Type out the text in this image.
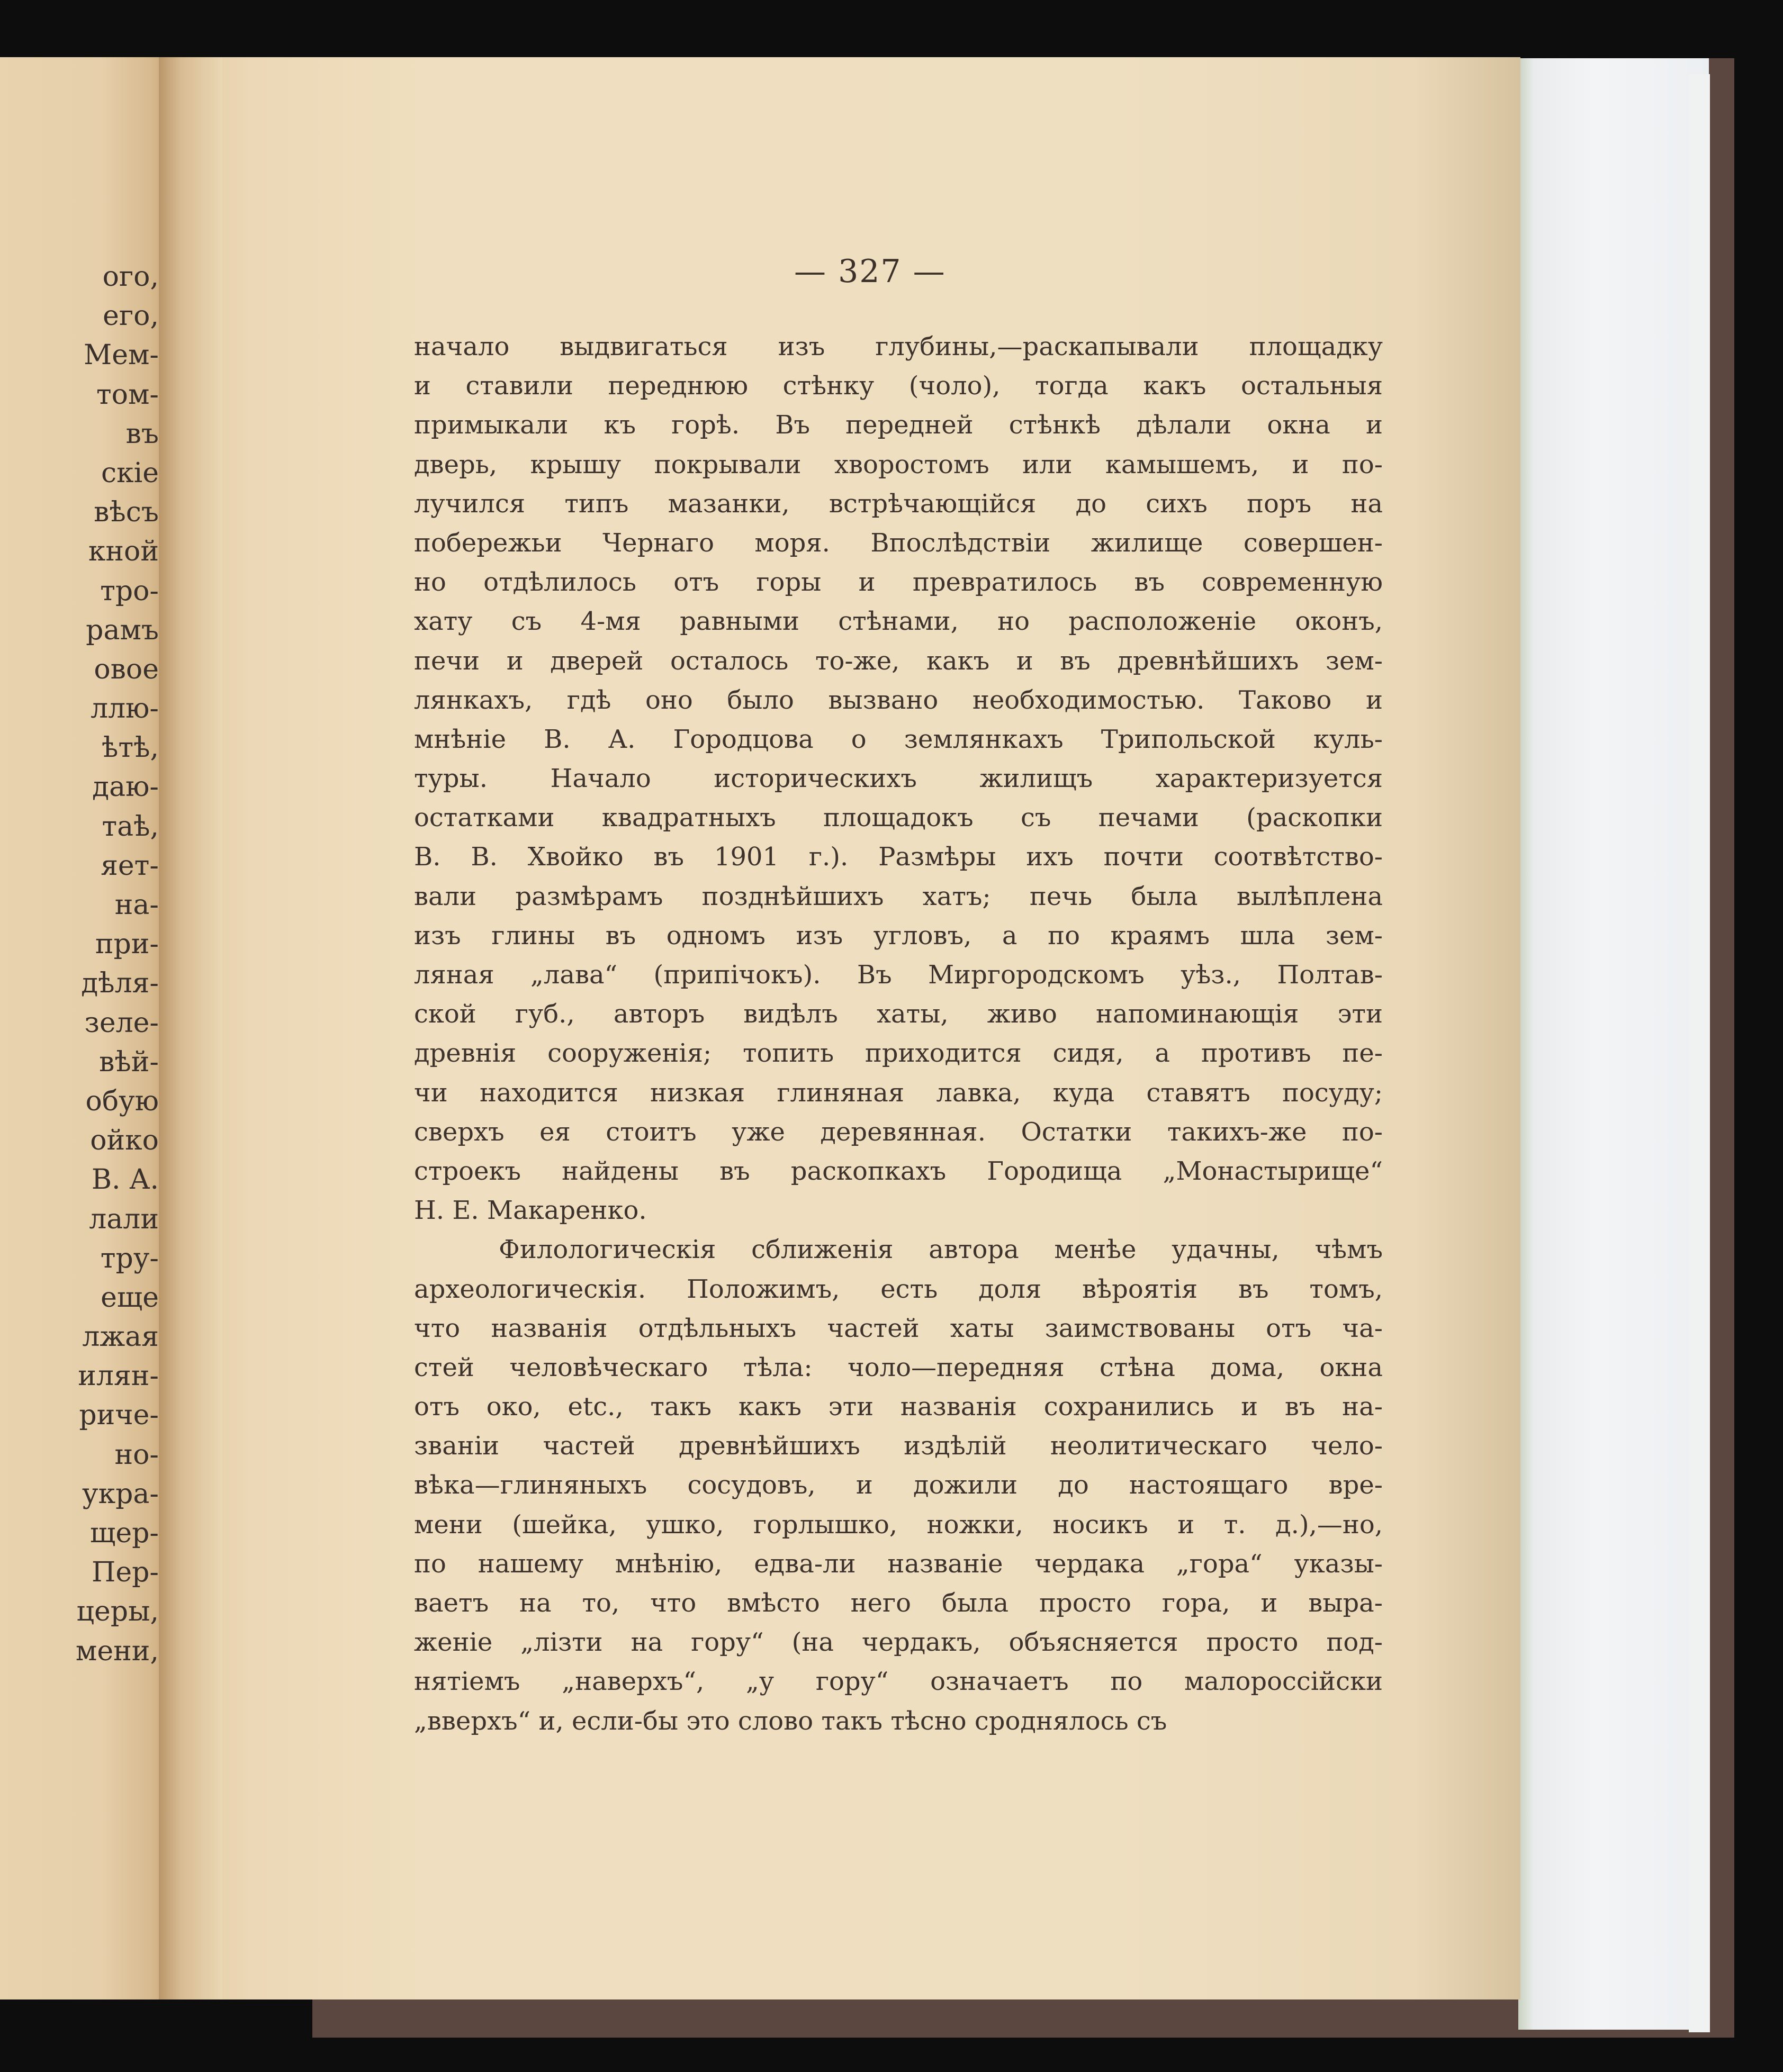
ого,
его,
Мем-
том-
въ
скіе
вѣсъ
кной
тро-
рамъ
овое
ллю-
ѣтѣ,
даю-
таѣ,
яет-
на-
при-
дѣля-
зеле-
вѣй-
обую
ойко
В. А.
лали
тру-
еще
лжая
илян-
риче-
но-
укра-
щер-
Пер-
церы,
мени,
— 327 —
начало выдвигаться изъ глубины,—раскапывали площадку
и ставили переднюю стѣнку (чоло), тогда какъ остальныя
примыкали къ горѣ. Въ передней стѣнкѣ дѣлали окна и
дверь, крышу покрывали хворостомъ или камышемъ, и по-
лучился типъ мазанки, встрѣчающійся до сихъ поръ на
побережьи Чернаго моря. Впослѣдствіи жилище совершен-
но отдѣлилось отъ горы и превратилось въ современную
хату съ 4-мя равными стѣнами, но расположеніе оконъ,
печи и дверей осталось то-же, какъ и въ древнѣйшихъ зем-
лянкахъ, гдѣ оно было вызвано необходимостью. Таково и
мнѣніе В. А. Городцова о землянкахъ Трипольской куль-
туры. Начало историческихъ жилищъ характеризуется
остатками квадратныхъ площадокъ съ печами (раскопки
В. В. Хвойко въ 1901 г.). Размѣры ихъ почти соотвѣтство-
вали размѣрамъ позднѣйшихъ хатъ; печь была вылѣплена
изъ глины въ одномъ изъ угловъ, а по краямъ шла зем-
ляная „лава“ (припічокъ). Въ Миргородскомъ уѣз., Полтав-
ской губ., авторъ видѣлъ хаты, живо напоминающія эти
древнія сооруженія; топить приходится сидя, а противъ пе-
чи находится низкая глиняная лавка, куда ставятъ посуду;
сверхъ ея стоитъ уже деревянная. Остатки такихъ-же по-
строекъ найдены въ раскопкахъ Городища „Монастырище“
Н. Е. Макаренко.
Филологическія сближенія автора менѣе удачны, чѣмъ
археологическія. Положимъ, есть доля вѣроятія въ томъ,
что названія отдѣльныхъ частей хаты заимствованы отъ ча-
стей человѣческаго тѣла: чоло—передняя стѣна дома, окна
отъ око, etc., такъ какъ эти названія сохранились и въ на-
званіи частей древнѣйшихъ издѣлій неолитическаго чело-
вѣка—глиняныхъ сосудовъ, и дожили до настоящаго вре-
мени (шейка, ушко, горлышко, ножки, носикъ и т. д.),—но,
по нашему мнѣнію, едва-ли названіе чердака „гора“ указы-
ваетъ на то, что вмѣсто него была просто гора, и выра-
женіе „лізти на гору“ (на чердакъ, объясняется просто под-
нятіемъ „наверхъ“, „у гору“ означаетъ по малороссійски
„вверхъ“ и, если-бы это слово такъ тѣсно сроднялось съ
